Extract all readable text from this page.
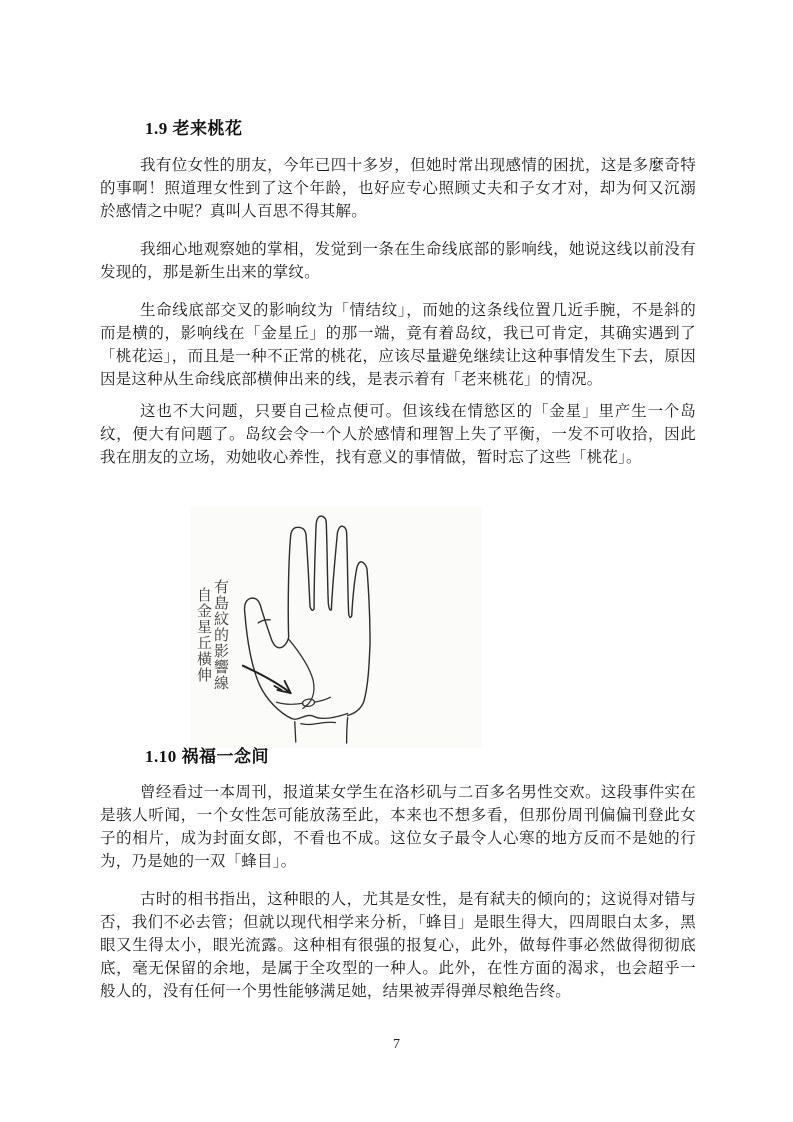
1.9 老来桃花

我有位女性的朋友，今年已四十多岁，但她时常出现感情的困扰，这是多麼奇特的事啊！照道理女性到了这个年龄，也好应专心照顾丈夫和子女才对，却为何又沉溺於感情之中呢？真叫人百思不得其解。

我细心地观察她的掌相，发觉到一条在生命线底部的影响线，她说这线以前没有发现的，那是新生出来的掌纹。

生命线底部交叉的影响纹为「情结纹」，而她的这条线位置几近手腕，不是斜的而是横的，影响线在「金星丘」的那一端，竟有着岛纹，我已可肯定，其确实遇到了「桃花运」，而且是一种不正常的桃花，应该尽量避免继续让这种事情发生下去，原因因是这种从生命线底部横伸出来的线，是表示着有「老来桃花」的情况。

这也不大问题，只要自己检点便可。但该线在情慾区的「金星」里产生一个岛纹，便大有问题了。岛纹会令一个人於感情和理智上失了平衡，一发不可收拾，因此我在朋友的立场，劝她收心养性，找有意义的事情做，暂时忘了这些「桃花」。

自金星丘橫伸 有島紋的影響線
1.10 祸福一念间

曾经看过一本周刊，报道某女学生在洛杉矶与二百多名男性交欢。这段事件实在是骇人听闻，一个女性怎可能放荡至此，本来也不想多看，但那份周刊偏偏刊登此女子的相片，成为封面女郎，不看也不成。这位女子最令人心寒的地方反而不是她的行为，乃是她的一双「蜂目」。

古时的相书指出，这种眼的人，尤其是女性，是有弒夫的倾向的；这说得对错与否，我们不必去管；但就以现代相学来分析，「蜂目」是眼生得大，四周眼白太多，黑眼又生得太小，眼光流露。这种相有很强的报复心，此外，做每件事必然做得彻彻底底，毫无保留的余地，是属于全攻型的一种人。此外，在性方面的渴求，也会超乎一般人的，没有任何一个男性能够满足她，结果被弄得弹尽粮绝告终。

7
